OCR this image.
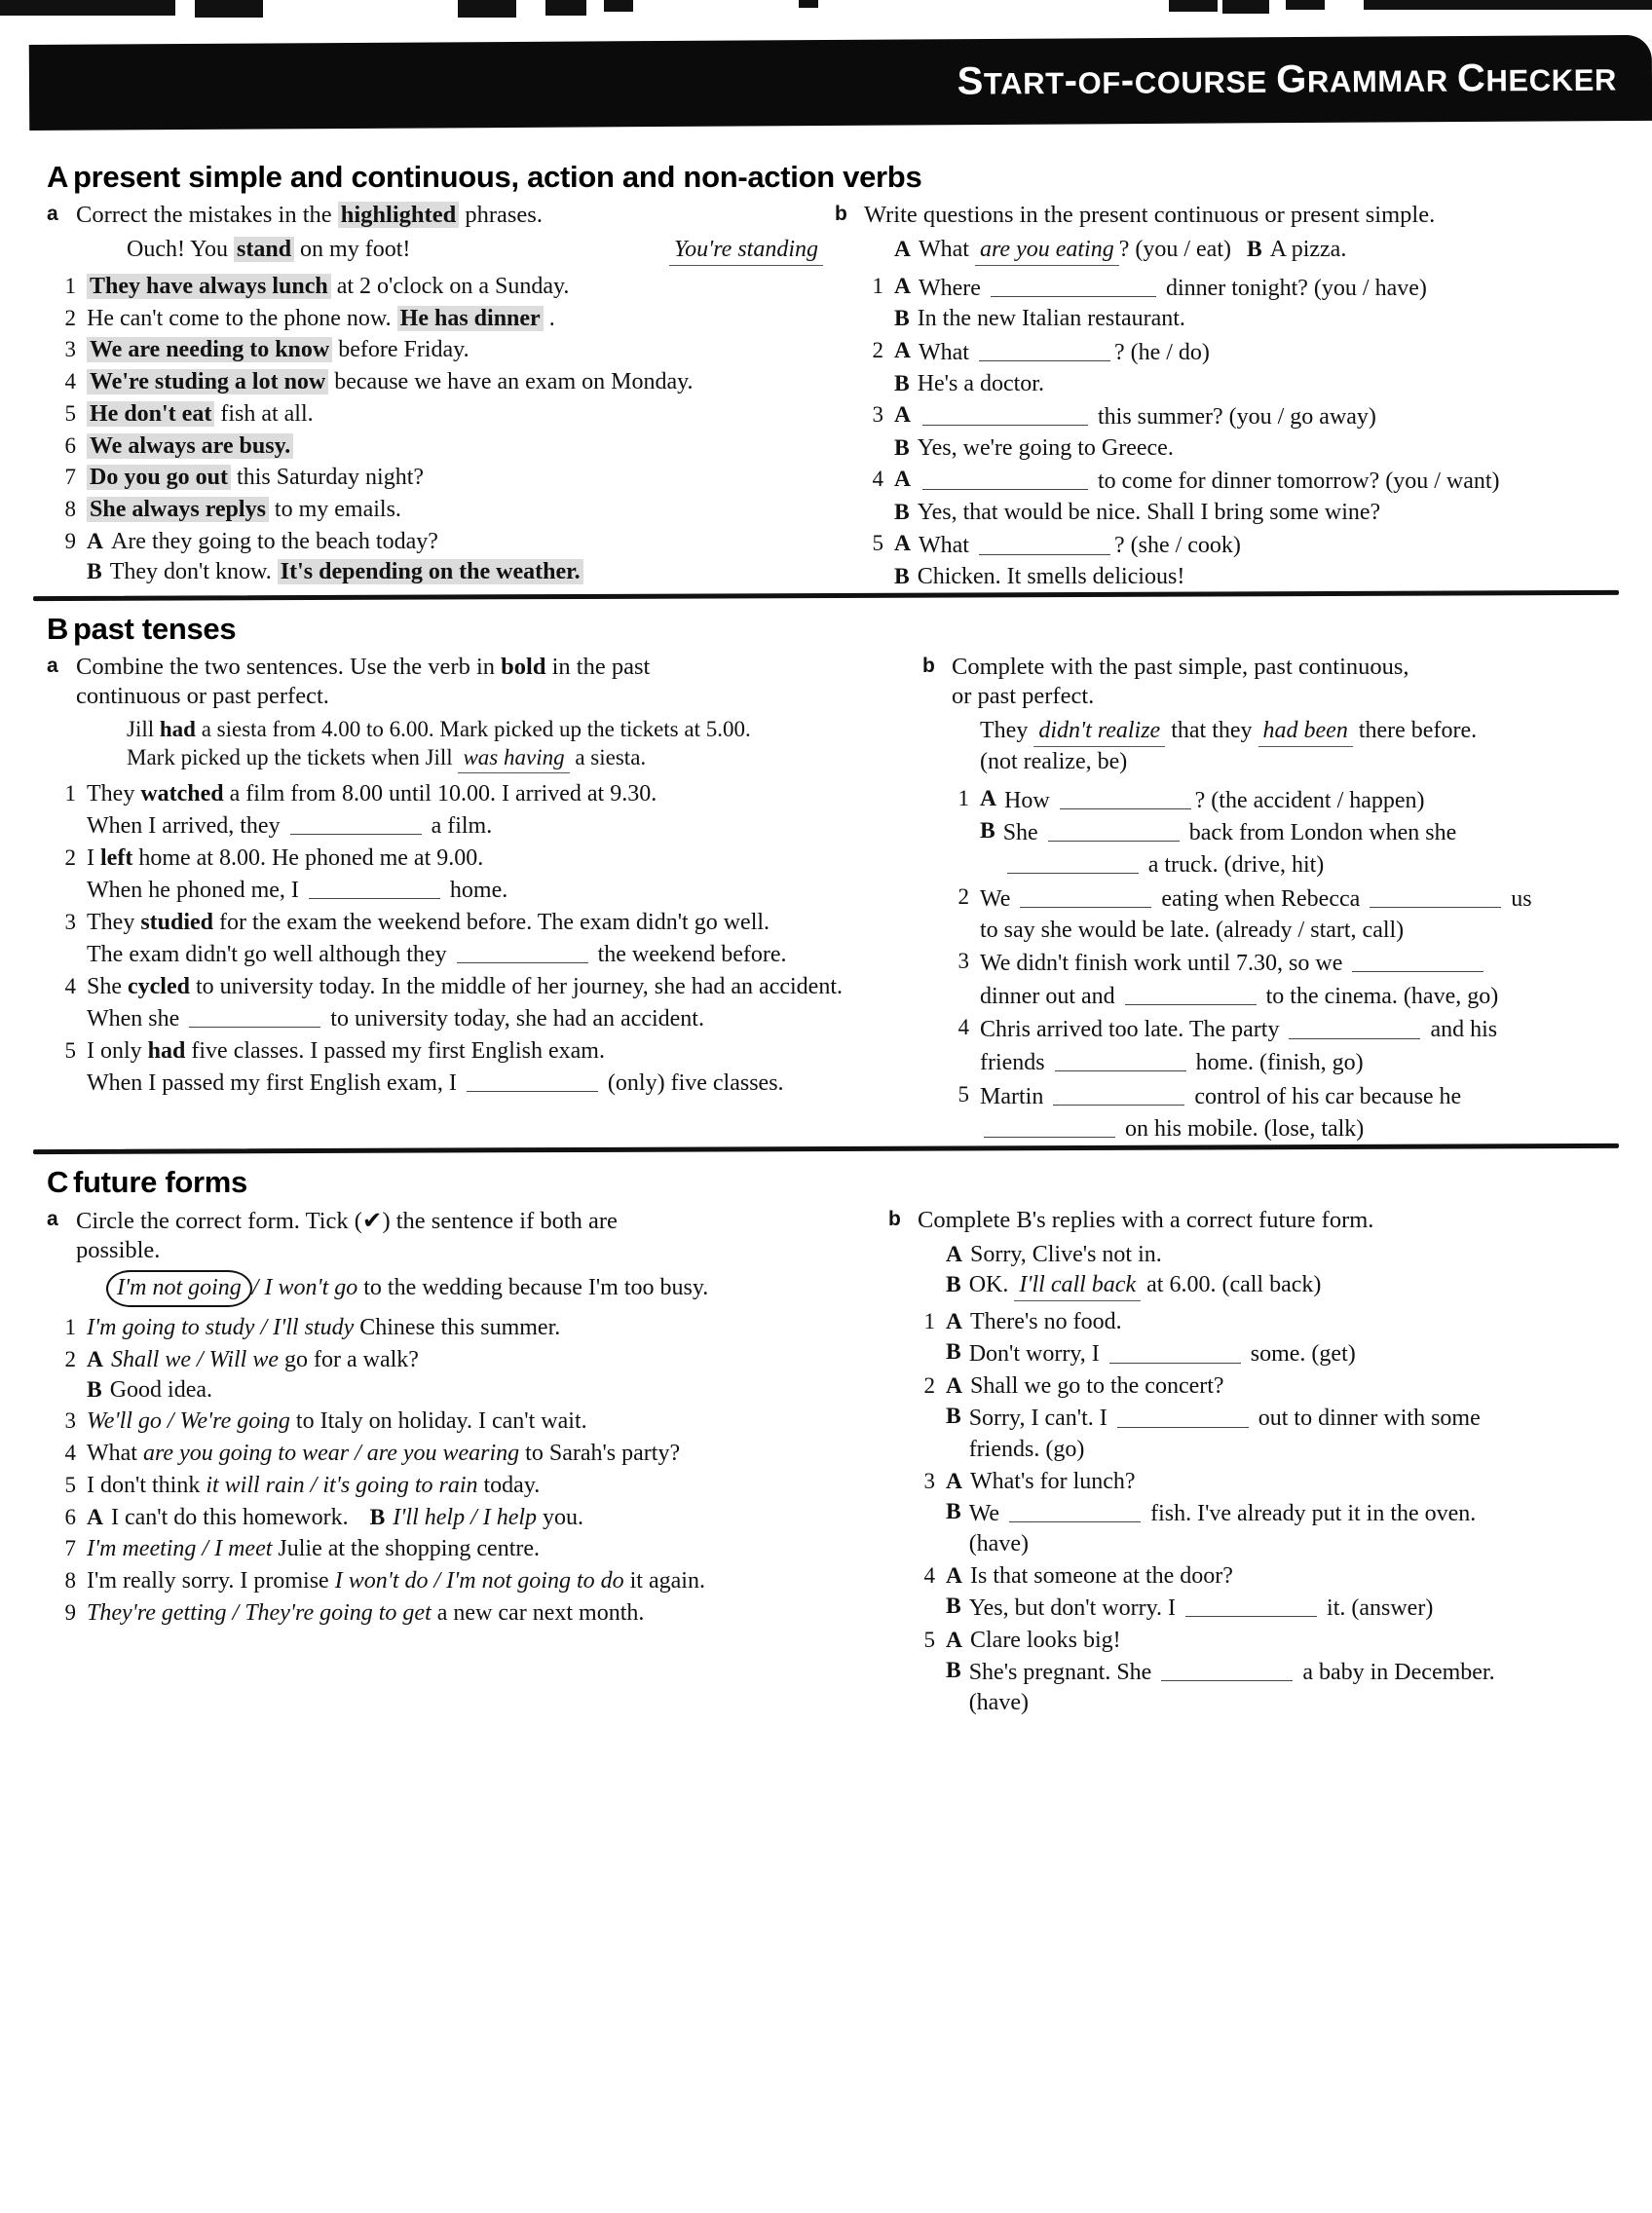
START-OF-COURSE GRAMMAR CHECKER
A present simple and continuous, action and non-action verbs
a Correct the mistakes in the highlighted phrases.
Ouch! You stand on my foot!	You're standing
1 They have always lunch at 2 o'clock on a Sunday.
2 He can't come to the phone now. He has dinner .
3 We are needing to know before Friday.
4 We're studing a lot now because we have an exam on Monday.
5 He don't eat fish at all.
6 We always are busy.
7 Do you go out this Saturday night?
8 She always replys to my emails.
9 A Are they going to the beach today?
B They don't know. It's depending on the weather.
b Write questions in the present continuous or present simple.
A What are you eating ? (you / eat) B A pizza.
1 A Where	dinner tonight? (you / have)
B In the new Italian restaurant.
2 A What	? (he / do)
B He's a doctor.
3 A	this summer? (you / go away)
B Yes, we're going to Greece.
4 A	to come for dinner tomorrow? (you / want)
B Yes, that would be nice. Shall I bring some wine?
5 A What	? (she / cook)
B Chicken. It smells delicious!
B past tenses
a Combine the two sentences. Use the verb in bold in the past continuous or past perfect.
Jill had a siesta from 4.00 to 6.00. Mark picked up the tickets at 5.00.
Mark picked up the tickets when Jill was having a siesta.
1 They watched a film from 8.00 until 10.00. I arrived at 9.30.
When I arrived, they	a film.
2 I left home at 8.00. He phoned me at 9.00.
When he phoned me, I	home.
3 They studied for the exam the weekend before. The exam didn't go well.
The exam didn't go well although they	the weekend before.
4 She cycled to university today. In the middle of her journey, she had an accident.
When she	to university today, she had an accident.
5 I only had five classes. I passed my first English exam.
When I passed my first English exam, I	(only) five classes.
b Complete with the past simple, past continuous, or past perfect.
They didn't realize that they had been there before. (not realize, be)
1 A How	? (the accident / happen)
B She	back from London when she  a truck. (drive, hit)
2 We	eating when Rebecca	us to say she would be late. (already / start, call)
3 We didn't finish work until 7.30, so we  dinner out and	to the cinema. (have, go)
4 Chris arrived too late. The party	and his friends	home. (finish, go)
5 Martin	control of his car because he  on his mobile. (lose, talk)
C future forms
a Circle the correct form. Tick (✔) the sentence if both are possible.
I'm not going / I won't go to the wedding because I'm too busy.
1 I'm going to study / I'll study Chinese this summer.
2 A Shall we / Will we go for a walk?
B Good idea.
3 We'll go / We're going to Italy on holiday. I can't wait.
4 What are you going to wear / are you wearing to Sarah's party?
5 I don't think it will rain / it's going to rain today.
6 A I can't do this homework. B I'll help / I help you.
7 I'm meeting / I meet Julie at the shopping centre.
8 I'm really sorry. I promise I won't do / I'm not going to do it again.
9 They're getting / They're going to get a new car next month.
b Complete B's replies with a correct future form.
A Sorry, Clive's not in.
B OK. I'll call back at 6.00. (call back)
1 A There's no food.
B Don't worry, I	some. (get)
2 A Shall we go to the concert?
B Sorry, I can't. I	out to dinner with some friends. (go)
3 A What's for lunch?
B We	fish. I've already put it in the oven. (have)
4 A Is that someone at the door?
B Yes, but don't worry. I	it. (answer)
5 A Clare looks big!
B She's pregnant. She	a baby in December. (have)
